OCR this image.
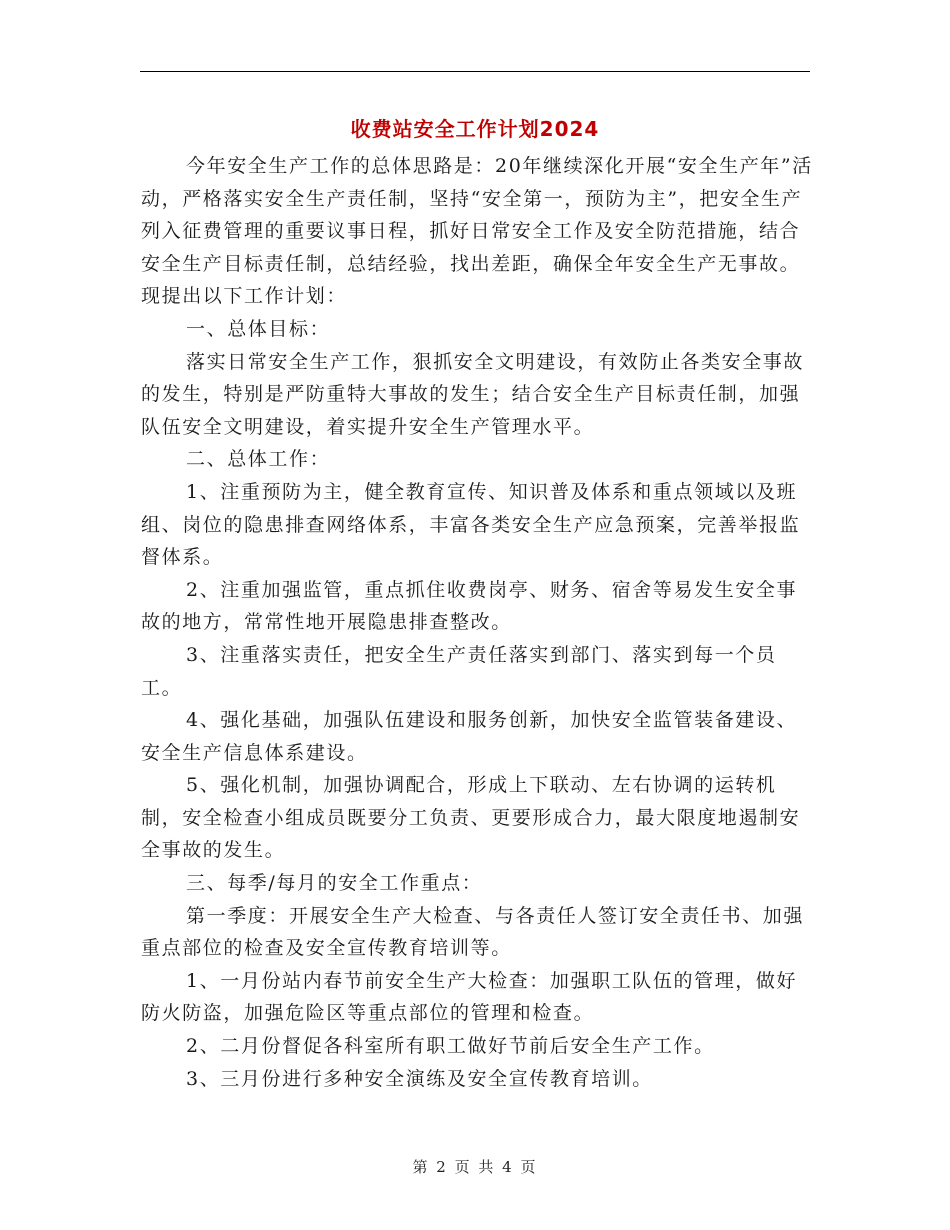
收费站安全工作计划2024

今年安全生产工作的总体思路是：20年继续深化开展“安全生产年”活动，严格落实安全生产责任制，坚持“安全第一，预防为主”，把安全生产列入征费管理的重要议事日程，抓好日常安全工作及安全防范措施，结合安全生产目标责任制，总结经验，找出差距，确保全年安全生产无事故。现提出以下工作计划：

一、总体目标：

落实日常安全生产工作，狠抓安全文明建设，有效防止各类安全事故的发生，特别是严防重特大事故的发生；结合安全生产目标责任制，加强队伍安全文明建设，着实提升安全生产管理水平。

二、总体工作：

1、注重预防为主，健全教育宣传、知识普及体系和重点领域以及班组、岗位的隐患排查网络体系，丰富各类安全生产应急预案，完善举报监督体系。

2、注重加强监管，重点抓住收费岗亭、财务、宿舍等易发生安全事故的地方，常常性地开展隐患排查整改。

3、注重落实责任，把安全生产责任落实到部门、落实到每一个员工。

4、强化基础，加强队伍建设和服务创新，加快安全监管装备建设、安全生产信息体系建设。

5、强化机制，加强协调配合，形成上下联动、左右协调的运转机制，安全检查小组成员既要分工负责、更要形成合力，最大限度地遏制安全事故的发生。

三、每季/每月的安全工作重点：

第一季度：开展安全生产大检查、与各责任人签订安全责任书、加强重点部位的检查及安全宣传教育培训等。

1、一月份站内春节前安全生产大检查：加强职工队伍的管理，做好防火防盗，加强危险区等重点部位的管理和检查。

2、二月份督促各科室所有职工做好节前后安全生产工作。

3、三月份进行多种安全演练及安全宣传教育培训。

第 2 页 共 4 页
